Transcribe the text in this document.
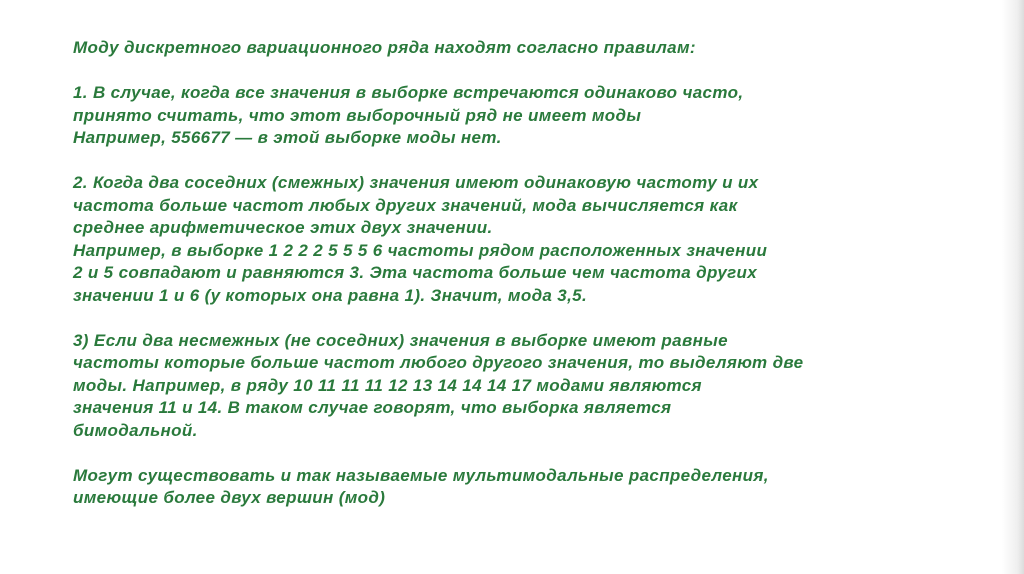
Моду дискретного вариационного ряда находят согласно правилам:
1. В случае, когда все значения в выборке встречаются одинаково часто,
принято считать, что этот выборочный ряд не имеет моды
Например, 556677 — в этой выборке моды нет.
2. Когда два соседних (смежных) значения имеют одинаковую частоту и их
частота больше частот любых других значений, мода вычисляется как
среднее арифметическое этих двух значении.
Например, в выборке 1 2 2 2 5 5 5 6 частоты рядом расположенных значении
2 и 5 совпадают и равняются 3. Эта частота больше чем частота других
значении 1 и 6 (у которых она равна 1). Значит, мода 3,5.
3) Если два несмежных (не соседних) значения в выборке имеют равные
частоты которые больше частот любого другого значения, то выделяют две
моды. Например, в ряду 10 11 11 11 12 13 14 14 14 17 модами являются
значения 11 и 14. В таком случае говорят, что выборка является
бимодальной.
Могут существовать и так называемые мультимодальные распределения,
имеющие более двух вершин (мод)
